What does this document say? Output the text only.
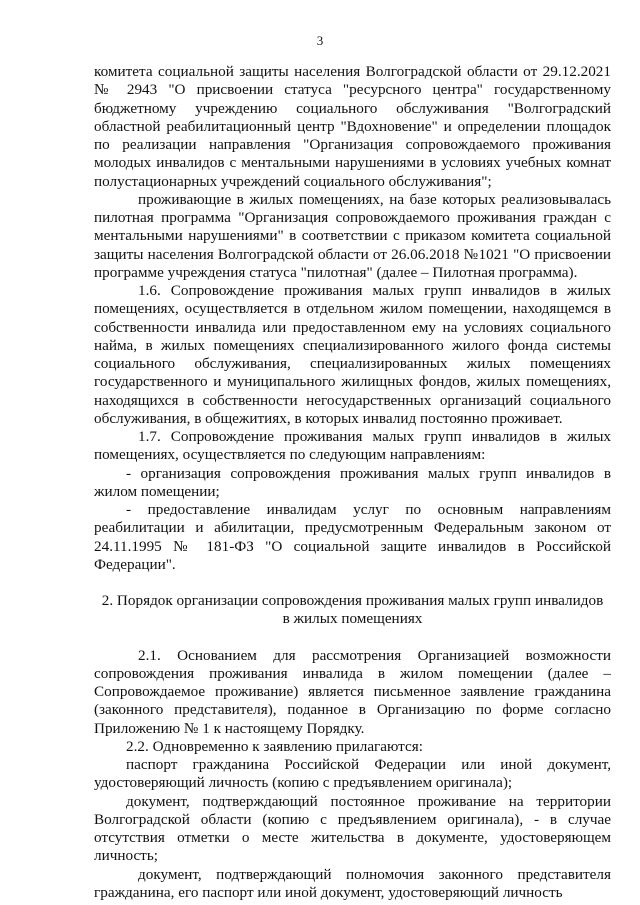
3

комитета социальной защиты населения Волгоградской области от 29.12.2021 № 2943 "О присвоении статуса "ресурсного центра" государственному бюджетному учреждению социального обслуживания "Волгоградский областной реабилитационный центр "Вдохновение" и определении площадок по реализации направления "Организация сопровождаемого проживания молодых инвалидов с ментальными нарушениями в условиях учебных комнат полустационарных учреждений социального обслуживания";

проживающие в жилых помещениях, на базе которых реализовывалась пилотная программа "Организация сопровождаемого проживания граждан с ментальными нарушениями" в соответствии с приказом комитета социальной защиты населения Волгоградской области от 26.06.2018 №1021 "О присвоении программе учреждения статуса "пилотная" (далее – Пилотная программа).

1.6. Сопровождение проживания малых групп инвалидов в жилых помещениях, осуществляется в отдельном жилом помещении, находящемся в собственности инвалида или предоставленном ему на условиях социального найма, в жилых помещениях специализированного жилого фонда системы социального обслуживания, специализированных жилых помещениях государственного и муниципального жилищных фондов, жилых помещениях, находящихся в собственности негосударственных организаций социального обслуживания, в общежитиях, в которых инвалид постоянно проживает.

1.7. Сопровождение проживания малых групп инвалидов в жилых помещениях, осуществляется по следующим направлениям:

- организация сопровождения проживания малых групп инвалидов в жилом помещении;

- предоставление инвалидам услуг по основным направлениям реабилитации и абилитации, предусмотренным Федеральным законом от 24.11.1995 № 181-ФЗ "О социальной защите инвалидов в Российской Федерации".

2. Порядок организации сопровождения проживания малых групп инвалидов
в жилых помещениях

2.1. Основанием для рассмотрения Организацией возможности сопровождения проживания инвалида в жилом помещении (далее – Сопровождаемое проживание) является письменное заявление гражданина (законного представителя), поданное в Организацию по форме согласно Приложению № 1 к настоящему Порядку.

2.2. Одновременно к заявлению прилагаются:

паспорт гражданина Российской Федерации или иной документ, удостоверяющий личность (копию с предъявлением оригинала);

документ, подтверждающий постоянное проживание на территории Волгоградской области (копию с предъявлением оригинала), - в случае отсутствия отметки о месте жительства в документе, удостоверяющем личность;

документ, подтверждающий полномочия законного представителя гражданина, его паспорт или иной документ, удостоверяющий личность
